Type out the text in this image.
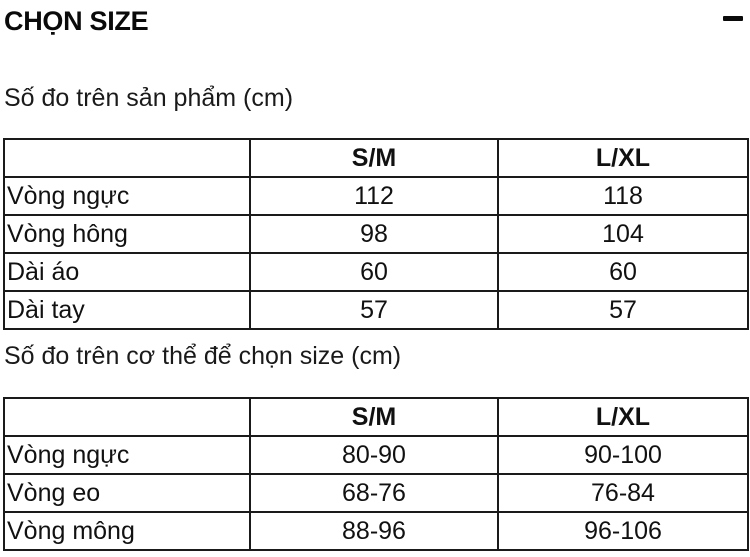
CHỌN SIZE
Số đo trên sản phẩm (cm)
	S/M	L/XL
Vòng ngực	112	118
Vòng hông	98	104
Dài áo	60	60
Dài tay	57	57
Số đo trên cơ thể để chọn size (cm)
	S/M	L/XL
Vòng ngực	80-90	90-100
Vòng eo	68-76	76-84
Vòng mông	88-96	96-106
